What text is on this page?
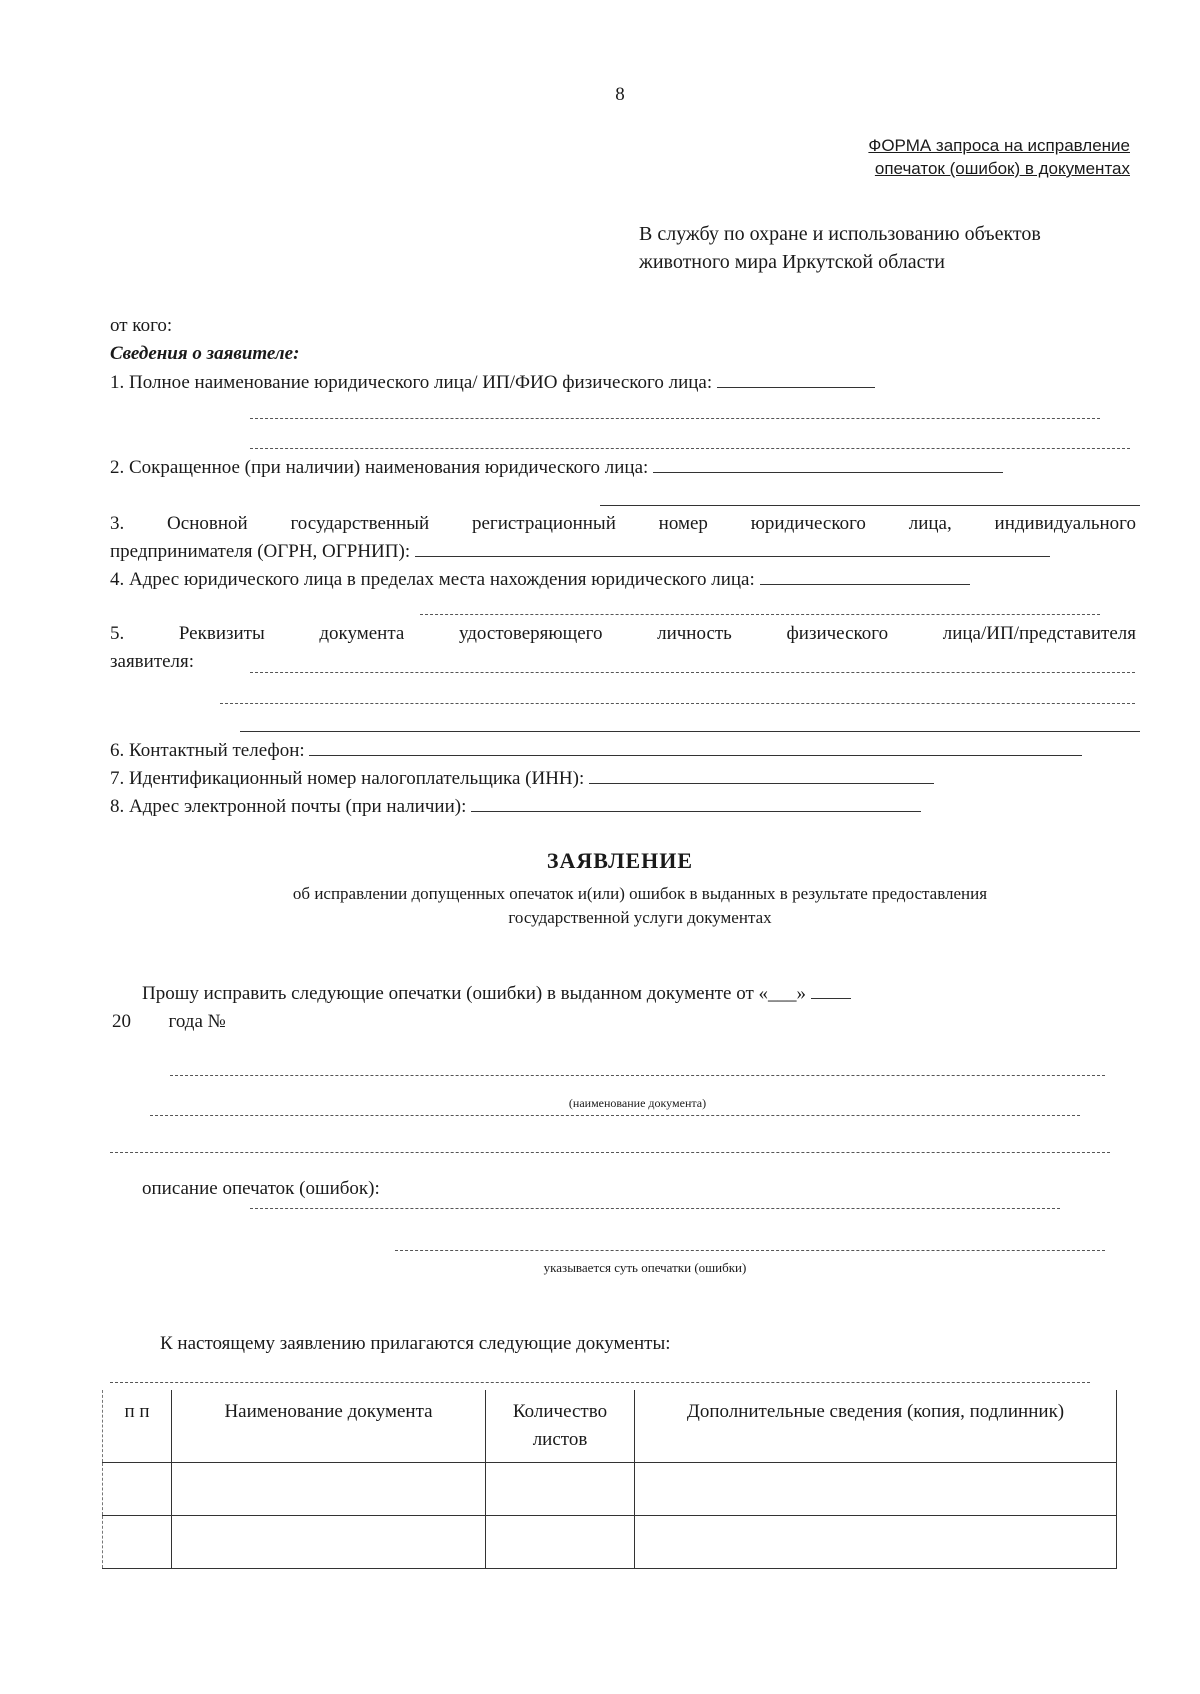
8
ФОРМА запроса на исправление
опечаток (ошибок) в документах
В службу по охране и использованию объектов
животного мира Иркутской области
от кого:
Сведения о заявителе:
1. Полное наименование юридического лица/ ИП/ФИО физического лица:
2. Сокращенное (при наличии) наименования юридического лица:
3. Основной государственный регистрационный номер юридического лица, индивидуального
предпринимателя (ОГРН, ОГРНИП):
4. Адрес юридического лица в пределах места нахождения юридического лица:
5. Реквизиты документа удостоверяющего личность физического лица/ИП/представителя
заявителя:
6. Контактный телефон:
7. Идентификационный номер налогоплательщика (ИНН):
8. Адрес электронной почты (при наличии):
ЗАЯВЛЕНИЕ
об исправлении допущенных опечаток и(или) ошибок в выданных в результате предоставления
государственной услуги документах
Прошу исправить следующие опечатки (ошибки) в выданном документе от «___»
20 года №
(наименование документа)
описание опечаток (ошибок):
указывается суть опечатки (ошибки)
К настоящему заявлению прилагаются следующие документы:
п п	Наименование документа	Количество листов	Дополнительные сведения (копия, подлинник)
